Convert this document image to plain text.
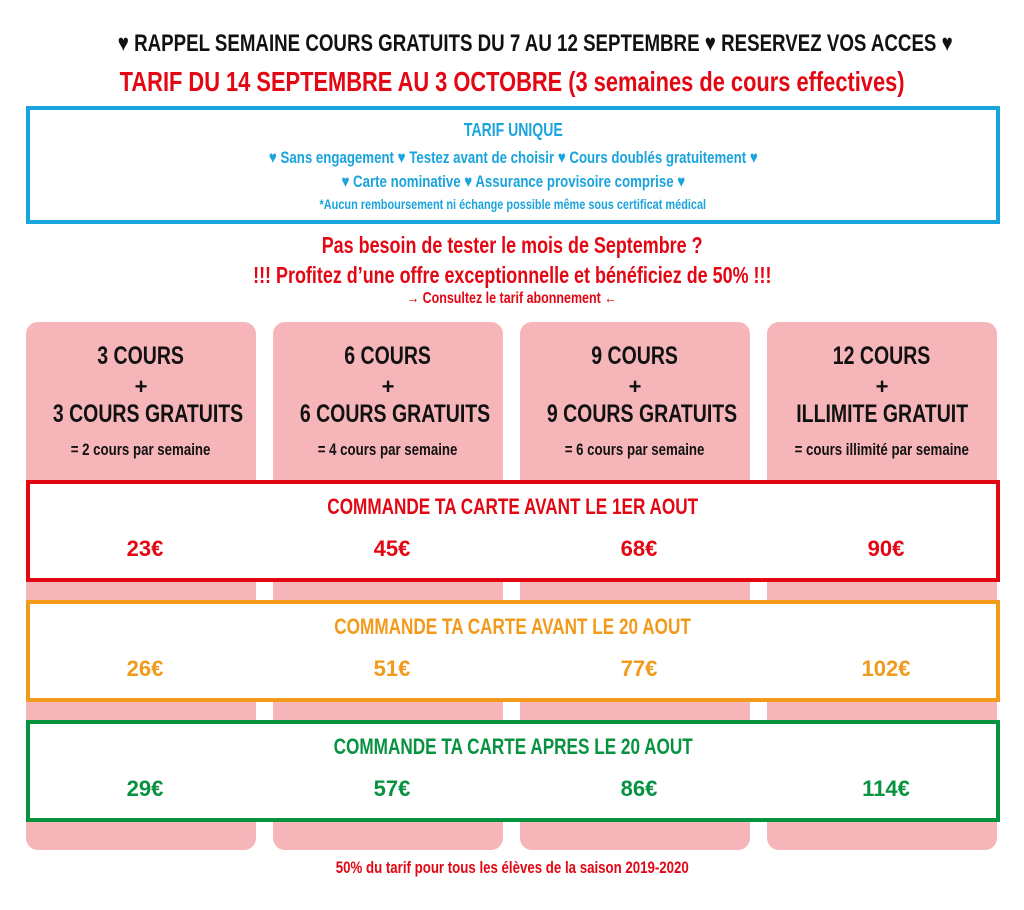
♥ RAPPEL SEMAINE COURS GRATUITS DU 7 AU 12 SEPTEMBRE ♥ RESERVEZ VOS ACCES ♥
TARIF DU 14 SEPTEMBRE AU 3 OCTOBRE (3 semaines de cours effectives)
TARIF UNIQUE
♥ Sans engagement ♥ Testez avant de choisir ♥ Cours doublés gratuitement ♥
♥ Carte nominative ♥ Assurance provisoire comprise ♥
*Aucun remboursement ni échange possible même sous certificat médical
Pas besoin de tester le mois de Septembre ?
!!! Profitez d’une offre exceptionnelle et bénéficiez de 50% !!!
→ Consultez le tarif abonnement ←
3 COURS
+
3 COURS GRATUITS
= 2 cours par semaine
6 COURS
+
6 COURS GRATUITS
= 4 cours par semaine
9 COURS
+
9 COURS GRATUITS
= 6 cours par semaine
12 COURS
+
ILLIMITE GRATUIT
= cours illimité par semaine
COMMANDE TA CARTE AVANT LE 1ER AOUT
23€	45€	68€	90€
COMMANDE TA CARTE AVANT LE 20 AOUT
26€	51€	77€	102€
COMMANDE TA CARTE APRES LE 20 AOUT
29€	57€	86€	114€
50% du tarif pour tous les élèves de la saison 2019-2020
